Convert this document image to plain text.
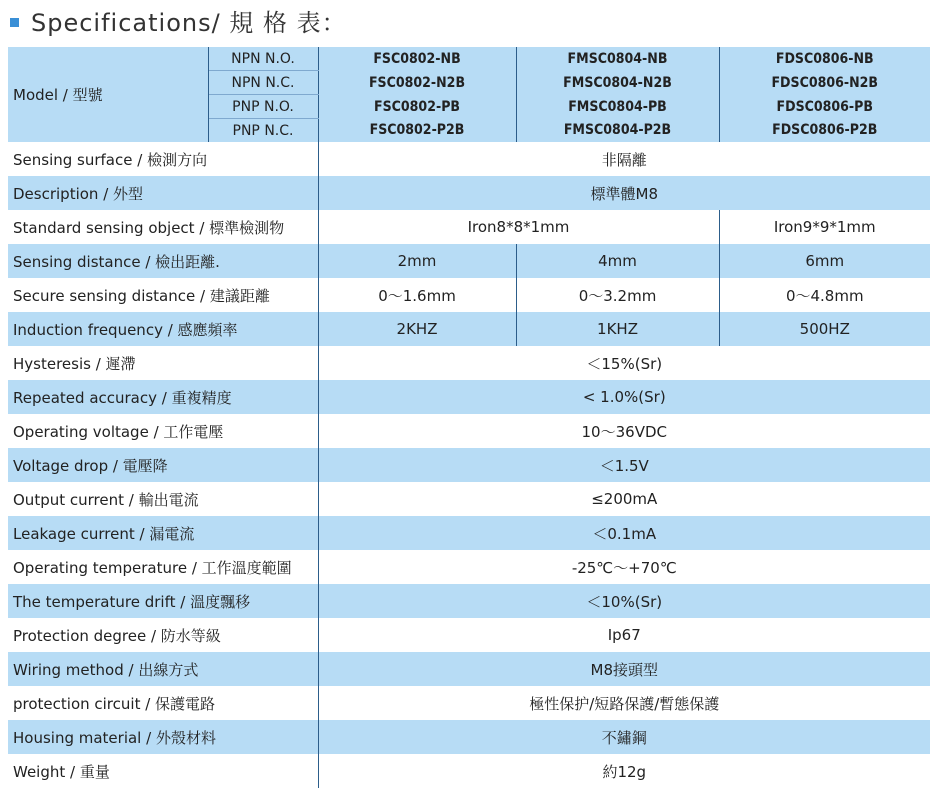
Specifications/ 規 格 表：
Model / 型號	NPN N.O.	FSC0802-NB	FMSC0804-NB	FDSC0806-NB
	NPN N.C.	FSC0802-N2B	FMSC0804-N2B	FDSC0806-N2B
	PNP N.O.	FSC0802-PB	FMSC0804-PB	FDSC0806-PB
	PNP N.C.	FSC0802-P2B	FMSC0804-P2B	FDSC0806-P2B
Sensing surface / 檢測方向		非隔離		
Description / 外型		標準體M8		
Standard sensing object / 標準檢測物		Iron8*8*1mm		Iron9*9*1mm
Sensing distance / 檢出距離.		2mm	4mm	6mm
Secure sensing distance / 建議距離		0～1.6mm	0～3.2mm	0～4.8mm
Induction frequency / 感應頻率		2KHZ	1KHZ	500HZ
Hysteresis / 遲滯		＜15%(Sr)		
Repeated accuracy / 重複精度		< 1.0%(Sr)		
Operating voltage / 工作電壓		10～36VDC		
Voltage drop / 電壓降		＜1.5V		
Output current / 輸出電流		≤200mA		
Leakage current / 漏電流		＜0.1mA		
Operating temperature / 工作溫度範圍		-25℃～+70℃		
The temperature drift / 溫度飄移		＜10%(Sr)		
Protection degree / 防水等級		Ip67		
Wiring method / 出線方式		M8接頭型		
protection circuit / 保護電路		極性保护/短路保護/暫態保護		
Housing material / 外殼材料		不鏽鋼		
Weight / 重量		約12g		
